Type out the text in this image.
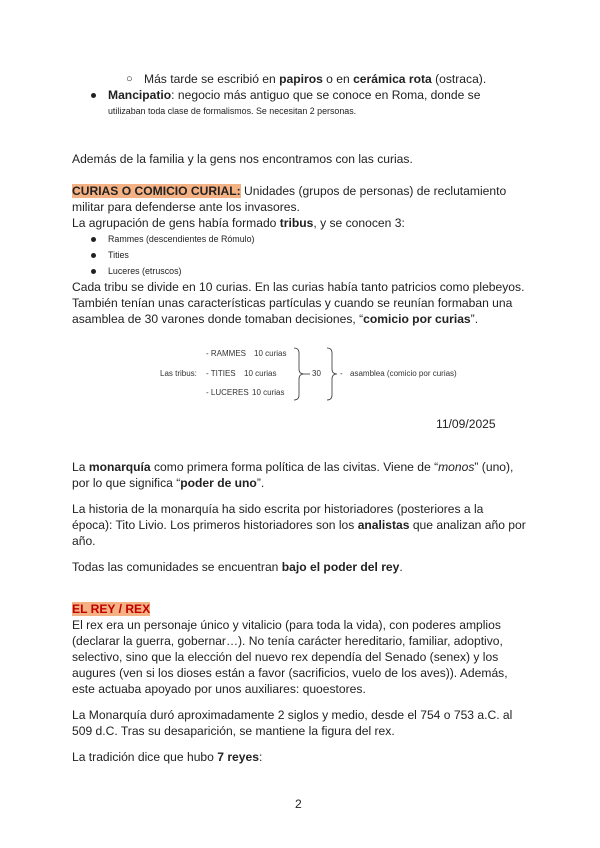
○ Más tarde se escribió en papiros o en cerámica rota (ostraca).
Mancipatio: negocio más antiguo que se conoce en Roma, donde se
utilizaban toda clase de formalismos. Se necesitan 2 personas.
Además de la familia y la gens nos encontramos con las curias.
CURIAS O COMICIO CURIAL: Unidades (grupos de personas) de reclutamiento
militar para defenderse ante los invasores.
La agrupación de gens había formado tribus, y se conocen 3:
Rammes (descendientes de Rómulo)
Tities
Luceres (etruscos)
Cada tribu se divide en 10 curias. En las curias había tanto patricios como plebeyos.
También tenían unas características partículas y cuando se reunían formaban una
asamblea de 30 varones donde tomaban decisiones, “comicio por curias”.
Las tribus:
- RAMMES 10 curias
- TITIES 10 curias
- LUCERES 10 curias
30 - asamblea (comicio por curias)
11/09/2025
La monarquía como primera forma política de las civitas. Viene de “monos” (uno),
por lo que significa “poder de uno”.
La historia de la monarquía ha sido escrita por historiadores (posteriores a la
época): Tito Livio. Los primeros historiadores son los analistas que analizan año por
año.
Todas las comunidades se encuentran bajo el poder del rey.
EL REY / REX
El rex era un personaje único y vitalicio (para toda la vida), con poderes amplios
(declarar la guerra, gobernar…). No tenía carácter hereditario, familiar, adoptivo,
selectivo, sino que la elección del nuevo rex dependía del Senado (senex) y los
augures (ven si los dioses están a favor (sacrificios, vuelo de los aves)). Además,
este actuaba apoyado por unos auxiliares: quoestores.
La Monarquía duró aproximadamente 2 siglos y medio, desde el 754 o 753 a.C. al
509 d.C. Tras su desaparición, se mantiene la figura del rex.
La tradición dice que hubo 7 reyes:
2
